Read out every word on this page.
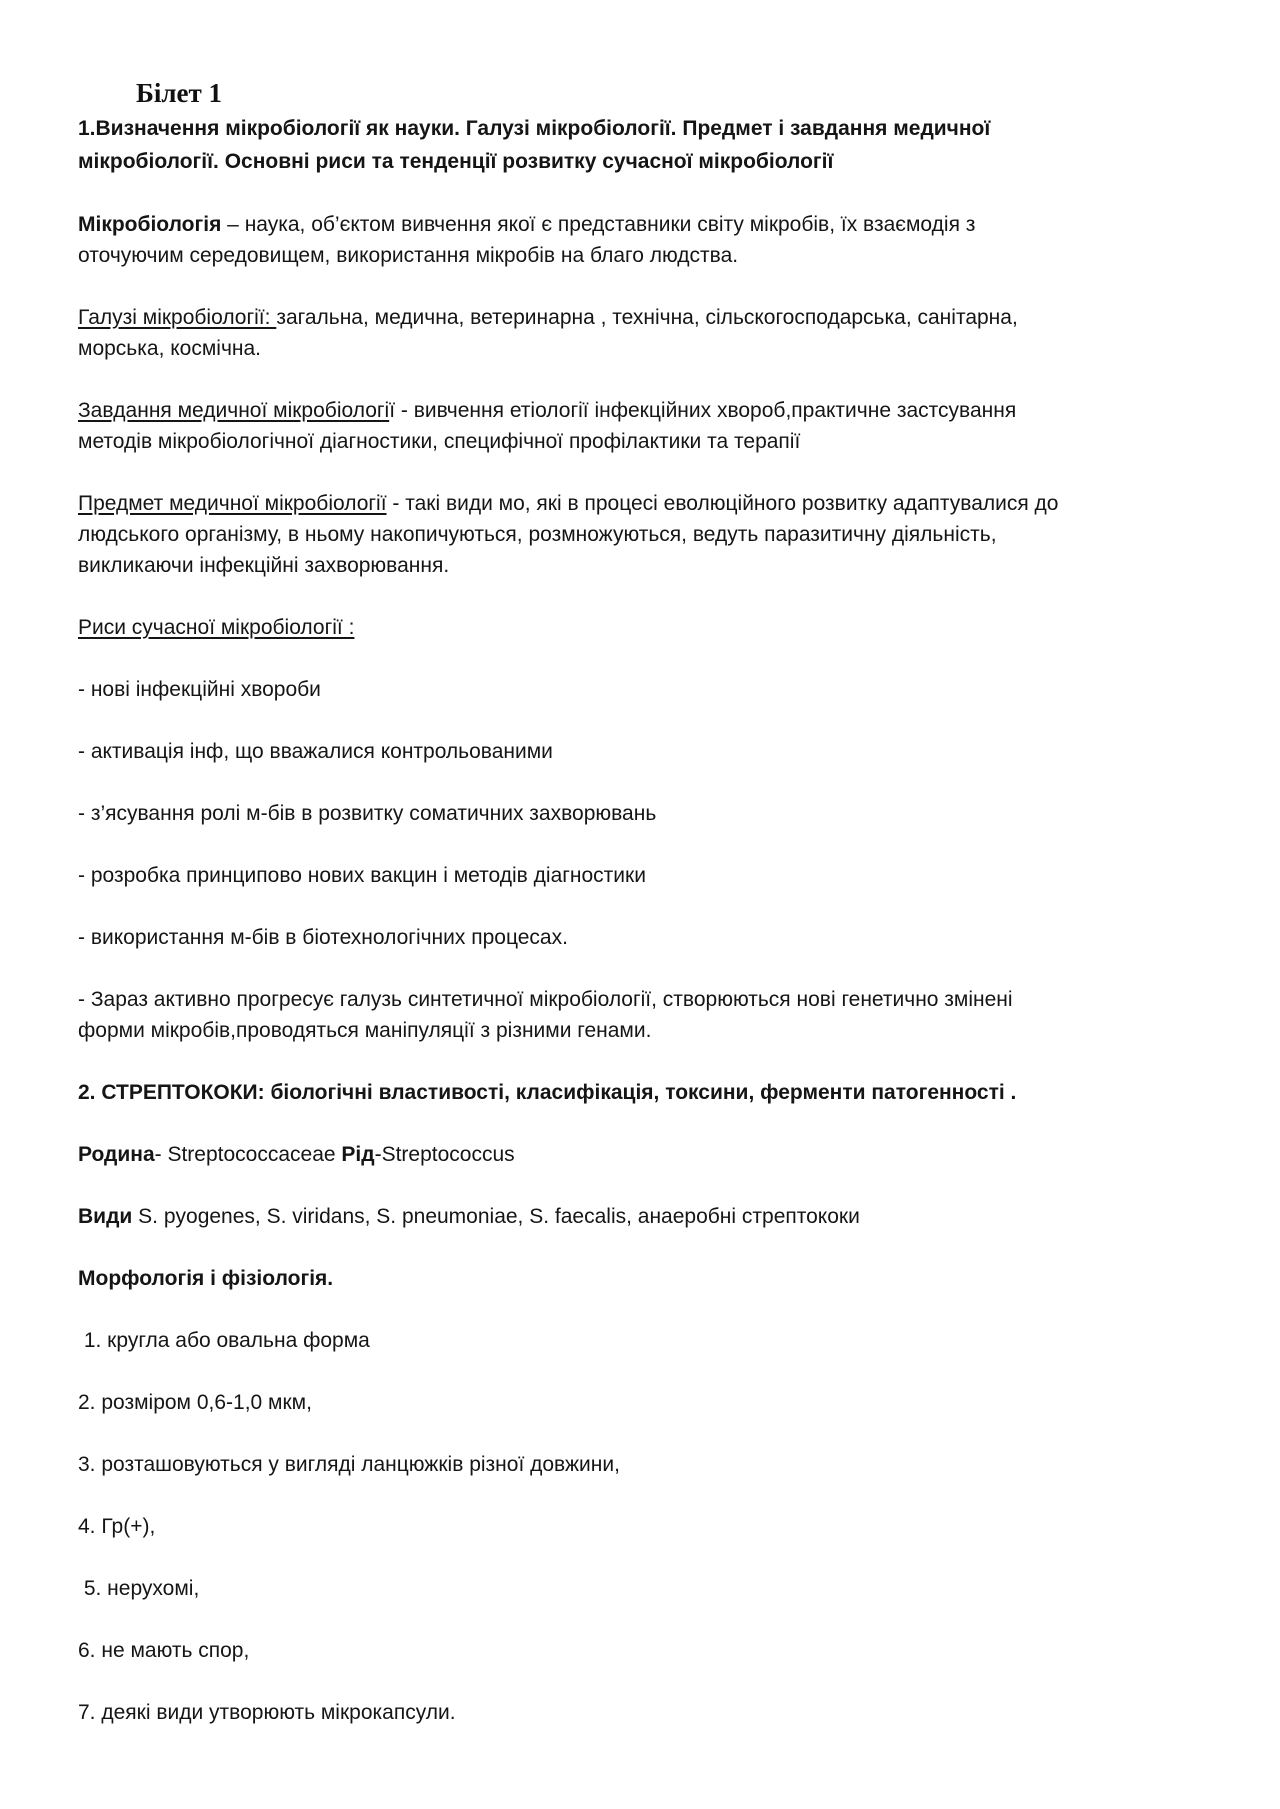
Білет 1
1.Визначення мікробіології як науки. Галузі мікробіології. Предмет і завдання медичної
мікробіології. Основні риси та тенденції розвитку сучасної мікробіології
Мікробіологія – наука, об’єктом вивчення якої є представники світу мікробів, їх взаємодія з
оточуючим середовищем, використання мікробів на благо людства.
Галузі мікробіології: загальна, медична, ветеринарна , технічна, сільскогосподарська, санітарна,
морська, космічна.
Завдання медичної мікробіології - вивчення етіології інфекційних хвороб,практичне застсування
методів мікробіологічної діагностики, специфічної профілактики та терапії
Предмет медичної мікробіології - такі види мо, які в процесі еволюційного розвитку адаптувалися до
людського організму, в ньому накопичуються, розмножуються, ведуть паразитичну діяльність,
викликаючи інфекційні захворювання.
Риси сучасної мікробіології :
- нові інфекційні хвороби
- активація інф, що вважалися контрольованими
- з’ясування ролі м-бів в розвитку соматичних захворювань
- розробка принципово нових вакцин і методів діагностики
- використання м-бів в біотехнологічних процесах.
- Зараз активно прогресує галузь синтетичної мікробіології, створюються нові генетично змінені
форми мікробів,проводяться маніпуляції з різними генами.
2. СТРЕПТОКОКИ: біологічні властивості, класифікація, токсини, ферменти патогенності .
Родина- Streptococcaceae Рід-Streptococcus
Види S. pyogenes, S. viridans, S. pneumoniae, S. faecalis, анаеробні стрептококи
Морфологія і фізіологія.
1. кругла або овальна форма
2. розміром 0,6-1,0 мкм,
3. розташовуються у вигляді ланцюжків різної довжини,
4. Гр(+),
5. нерухомі,
6. не мають спор,
7. деякі види утворюють мікрокапсули.
